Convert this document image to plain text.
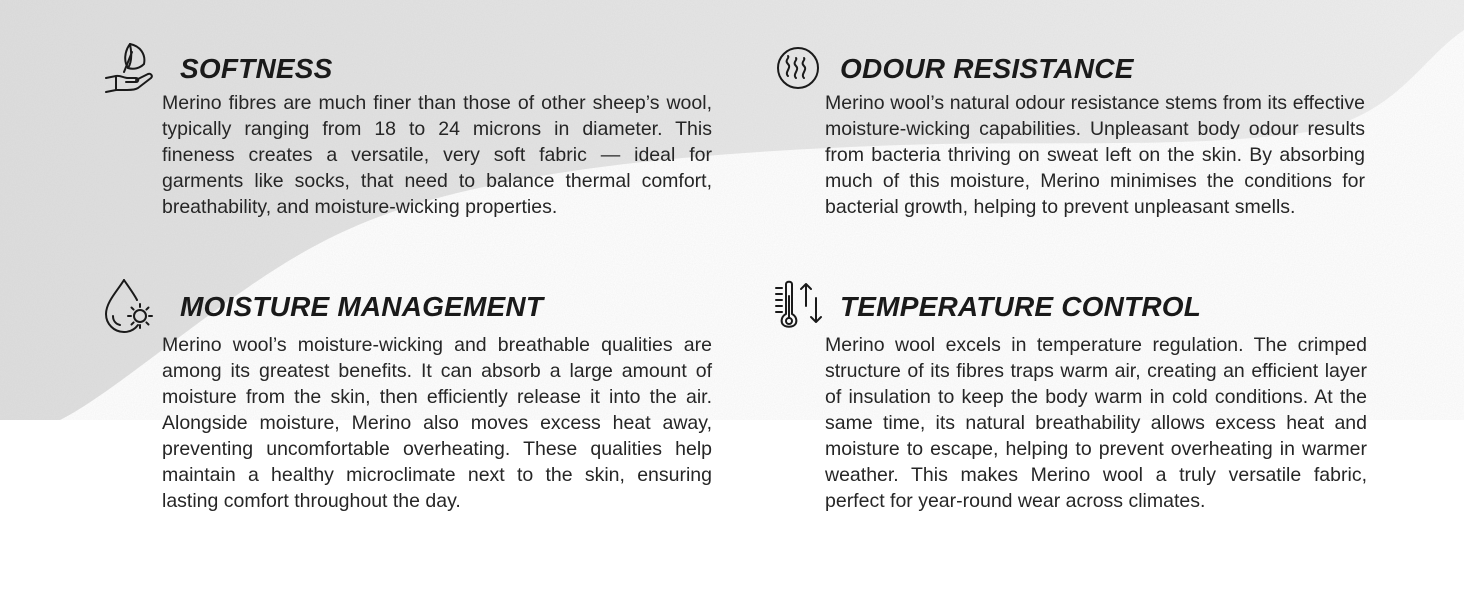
SOFTNESS

Merino fibres are much finer than those of other sheep’s wool, typically ranging from 18 to 24 microns in diameter. This fineness creates a versatile, very soft fabric — ideal for garments like socks, that need to balance thermal comfort, breathability, and moisture-wicking properties.

ODOUR RESISTANCE

Merino wool’s natural odour resistance stems from its effective moisture-wicking capabilities. Unpleasant body odour results from bacteria thriving on sweat left on the skin. By absorbing much of this moisture, Merino minimises the conditions for bacterial growth, helping to prevent unpleasant smells.

MOISTURE MANAGEMENT

Merino wool’s moisture-wicking and breathable qualities are among its greatest benefits. It can absorb a large amount of moisture from the skin, then efficiently release it into the air. Alongside moisture, Merino also moves excess heat away, preventing uncomfortable overheating. These qualities help maintain a healthy microclimate next to the skin, ensuring lasting comfort throughout the day.

TEMPERATURE CONTROL

Merino wool excels in temperature regulation. The crimped structure of its fibres traps warm air, creating an efficient layer of insulation to keep the body warm in cold conditions. At the same time, its natural breathability allows excess heat and moisture to escape, helping to prevent overheating in warmer weather. This makes Merino wool a truly versatile fabric, perfect for year-round wear across climates.
